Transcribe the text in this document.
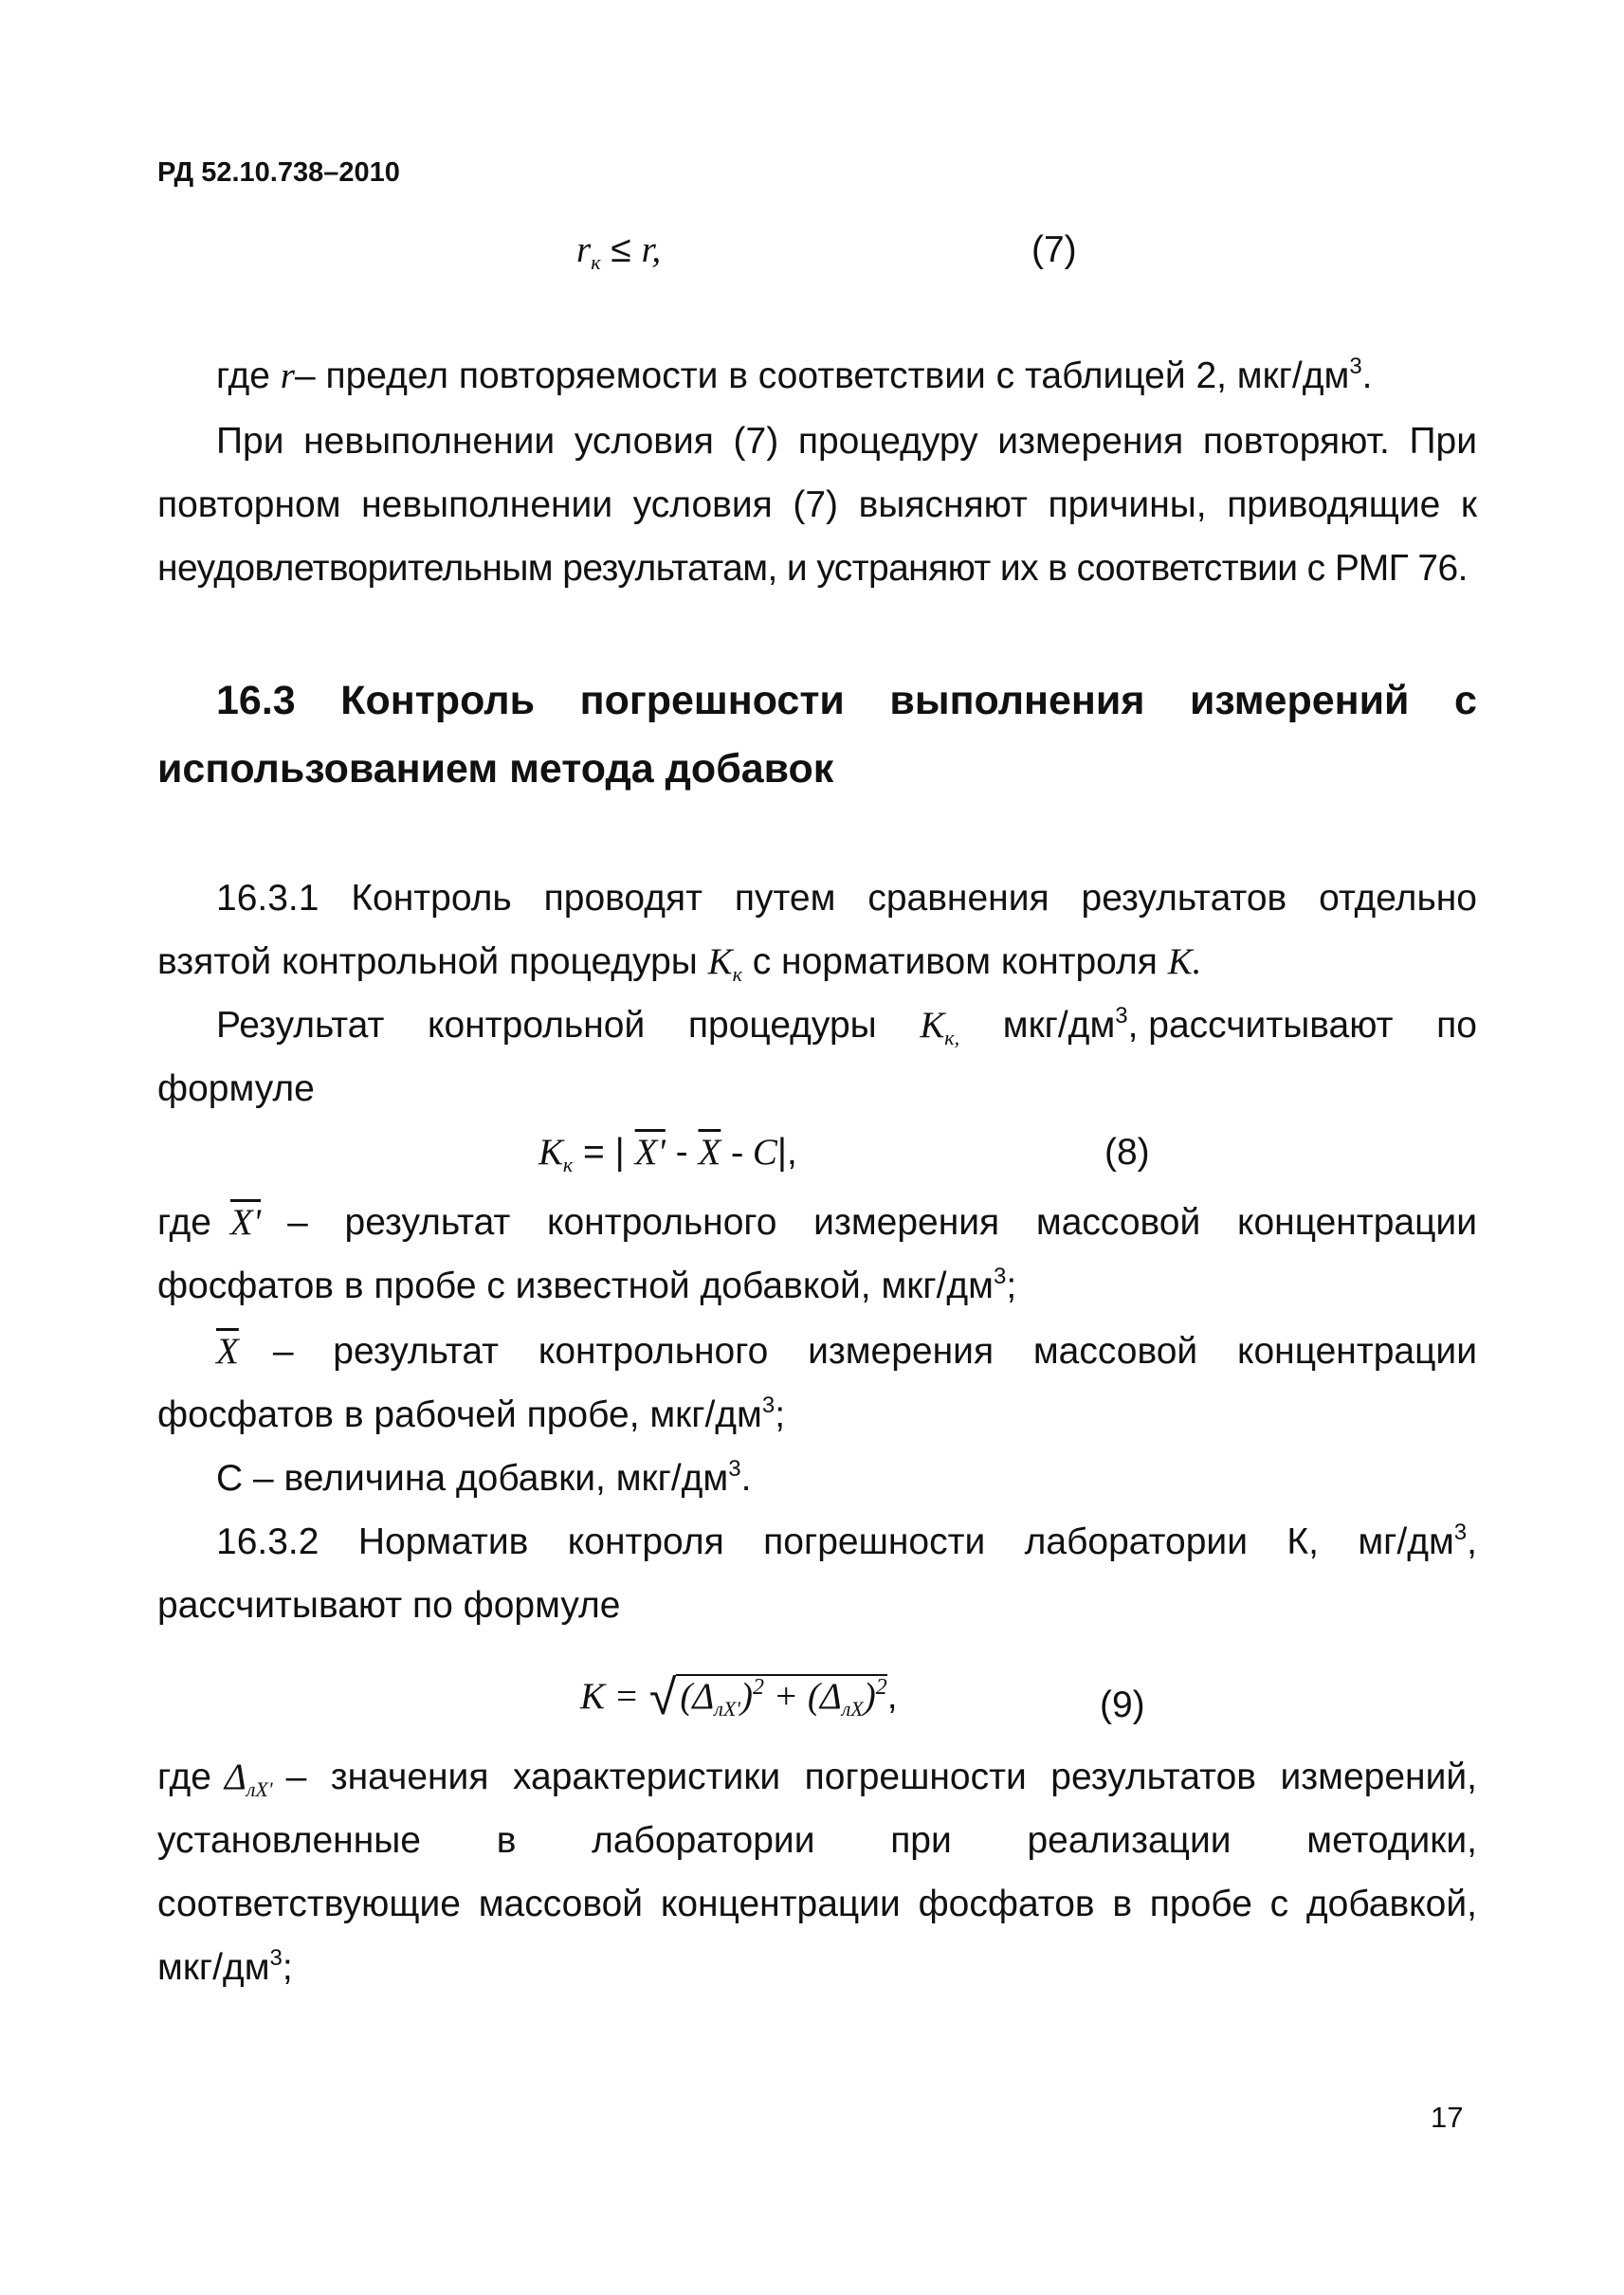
РД 52.10.738–2010
$r_к \le r$,	(7)
где r– предел повторяемости в соответствии с таблицей 2, мкг/$дм^3$.
При невыполнении условия (7) процедуру измерения повторяют. При
повторном невыполнении условия (7) выясняют причины, приводящие к
неудовлетворительным результатам, и устраняют их в соответствии с РМГ 76.
16.3 Контроль погрешности выполнения измерений с
использованием метода добавок
16.3.1 Контроль проводят путем сравнения результатов отдельно
взятой контрольной процедуры $К_к$ с нормативом контроля К.
Результат контрольной процедуры $К_{к,}$ мкг/$дм^3$, рассчитывают по
формуле
$К_к$ = | X' - $\overline{X} - C|$,	(8)
где X' – результат контрольного измерения массовой концентрации
фосфатов в пробе с известной добавкой, мкг/$дм^3$;
$\overline{X}$ – результат контрольного измерения массовой концентрации
фосфатов в рабочей пробе, мкг/$дм^3$;
C – величина добавки, мкг/$дм^3$.
16.3.2 Норматив контроля погрешности лаборатории К, $мг/дм^3$,
рассчитывают по формуле
К = √ $(\Delta_{лX'})^2 + (\Delta_{лX})^2$,	(9)
где $\Delta_{лX'}$ – значения характеристики погрешности результатов измерений,
установленные в лаборатории при реализации методики,
соответствующие массовой концентрации фосфатов в пробе с добавкой,
мкг/$дм^3$;
17
